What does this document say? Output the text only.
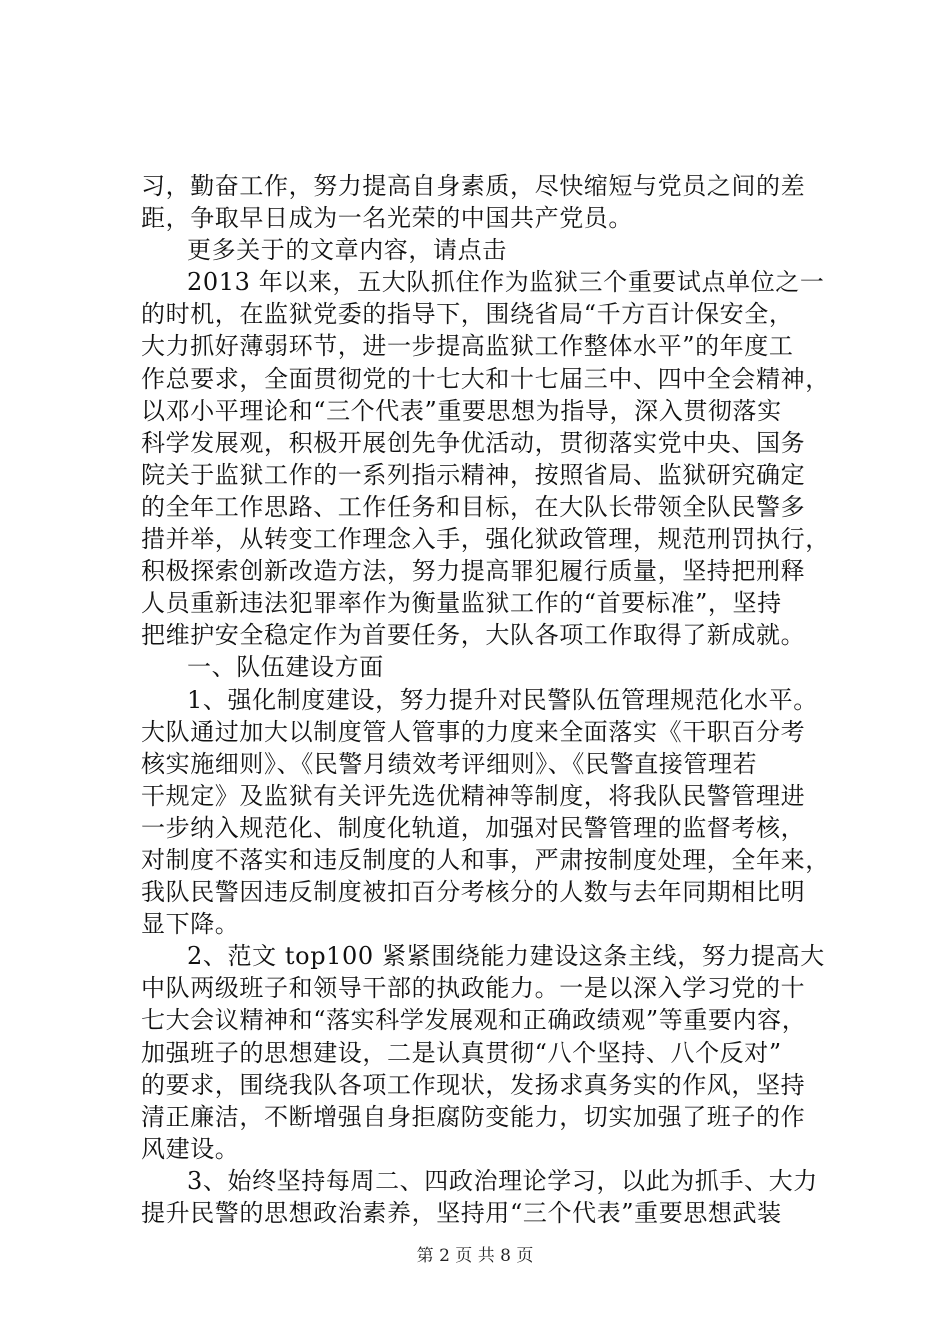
习，勤奋工作，努力提高自身素质，尽快缩短与党员之间的差
距，争取早日成为一名光荣的中国共产党员。
更多关于的文章内容，请点击
2013 年以来，五大队抓住作为监狱三个重要试点单位之一
的时机，在监狱党委的指导下，围绕省局“千方百计保安全，
大力抓好薄弱环节，进一步提高监狱工作整体水平”的年度工
作总要求，全面贯彻党的十七大和十七届三中、四中全会精神，
以邓小平理论和“三个代表”重要思想为指导，深入贯彻落实
科学发展观，积极开展创先争优活动，贯彻落实党中央、国务
院关于监狱工作的一系列指示精神，按照省局、监狱研究确定
的全年工作思路、工作任务和目标，在大队长带领全队民警多
措并举，从转变工作理念入手，强化狱政管理，规范刑罚执行，
积极探索创新改造方法，努力提高罪犯履行质量，坚持把刑释
人员重新违法犯罪率作为衡量监狱工作的“首要标准”，坚持
把维护安全稳定作为首要任务，大队各项工作取得了新成就。
一、队伍建设方面
1、强化制度建设，努力提升对民警队伍管理规范化水平。
大队通过加大以制度管人管事的力度来全面落实《干职百分考
核实施细则》、《民警月绩效考评细则》、《民警直接管理若
干规定》及监狱有关评先选优精神等制度，将我队民警管理进
一步纳入规范化、制度化轨道，加强对民警管理的监督考核，
对制度不落实和违反制度的人和事，严肃按制度处理，全年来，
我队民警因违反制度被扣百分考核分的人数与去年同期相比明
显下降。
2、范文 top100 紧紧围绕能力建设这条主线，努力提高大
中队两级班子和领导干部的执政能力。一是以深入学习党的十
七大会议精神和“落实科学发展观和正确政绩观”等重要内容，
加强班子的思想建设，二是认真贯彻“八个坚持、八个反对”
的要求，围绕我队各项工作现状，发扬求真务实的作风，坚持
清正廉洁，不断增强自身拒腐防变能力，切实加强了班子的作
风建设。
3、始终坚持每周二、四政治理论学习，以此为抓手、大力
提升民警的思想政治素养，坚持用“三个代表”重要思想武装
第 2 页 共 8 页
